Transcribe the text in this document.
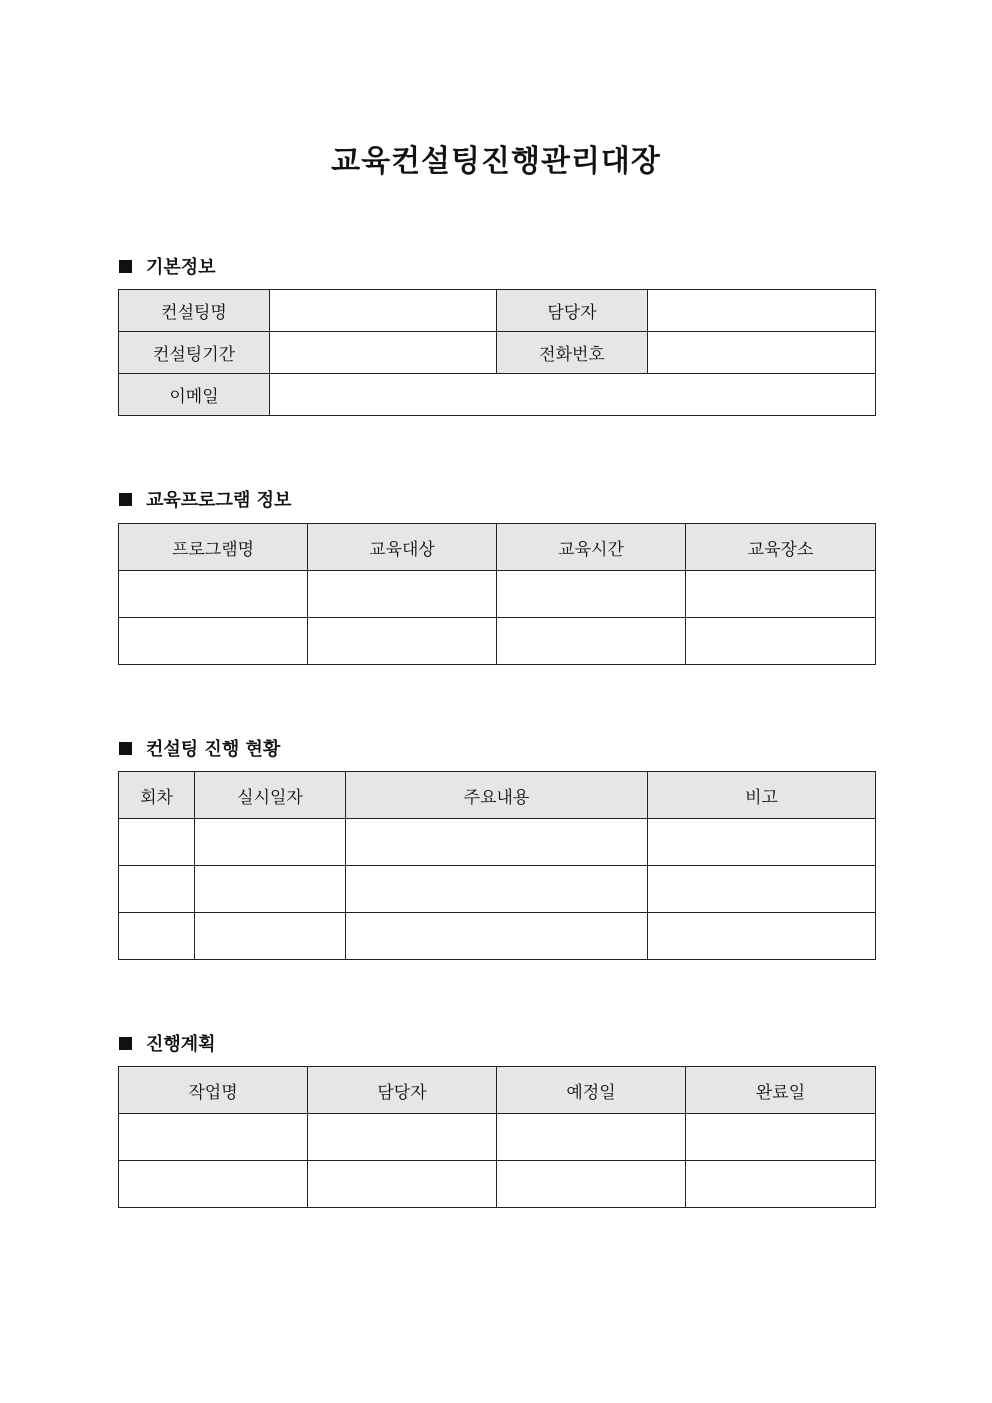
교육컨설팅진행관리대장
기본정보
컨설팅명		담당자	
컨설팅기간		전화번호	
이메일			
교육프로그램 정보
프로그램명	교육대상	교육시간	교육장소

컨설팅 진행 현황
회차	실시일자	주요내용	비고

진행계획
작업명	담당자	예정일	완료일
